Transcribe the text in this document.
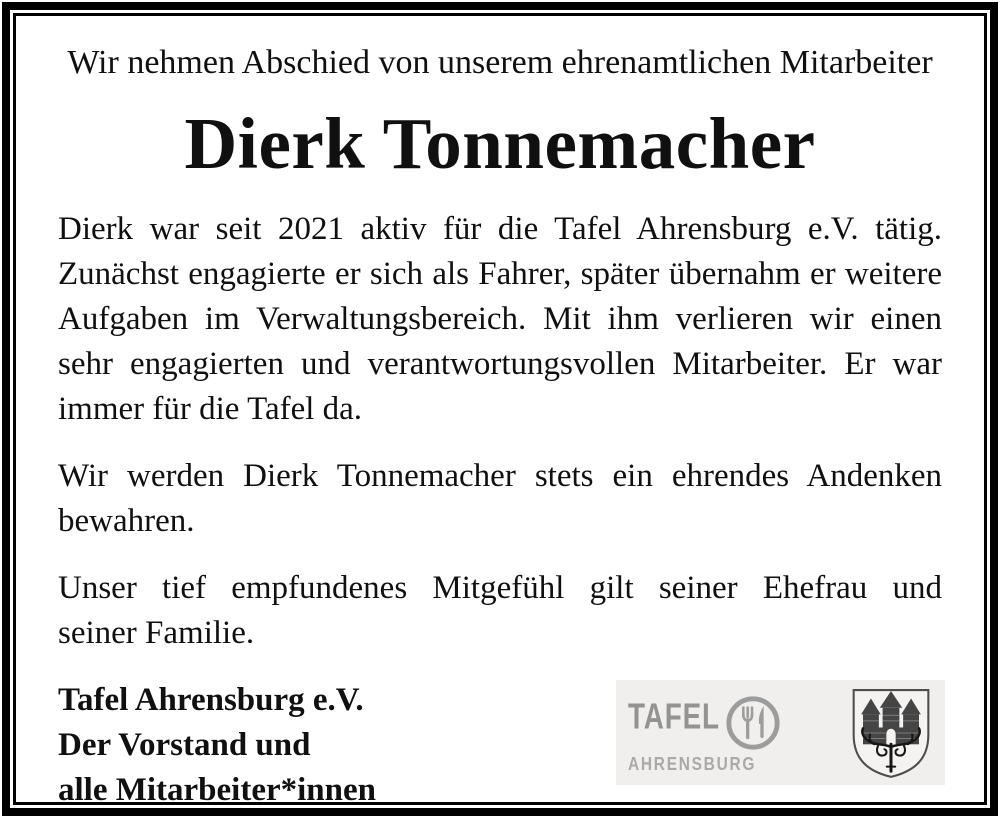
Wir nehmen Abschied von unserem ehrenamtlichen Mitarbeiter
Dierk Tonnemacher
Dierk war seit 2021 aktiv für die Tafel Ahrensburg e.V. tätig.
Zunächst engagierte er sich als Fahrer, später übernahm er weitere
Aufgaben im Verwaltungsbereich. Mit ihm verlieren wir einen
sehr engagierten und verantwortungsvollen Mitarbeiter. Er war
immer für die Tafel da.
Wir werden Dierk Tonnemacher stets ein ehrendes Andenken
bewahren.
Unser tief empfundenes Mitgefühl gilt seiner Ehefrau und
seiner Familie.
Tafel Ahrensburg e.V.
Der Vorstand und
alle Mitarbeiter*innen
TAFEL
AHRENSBURG
